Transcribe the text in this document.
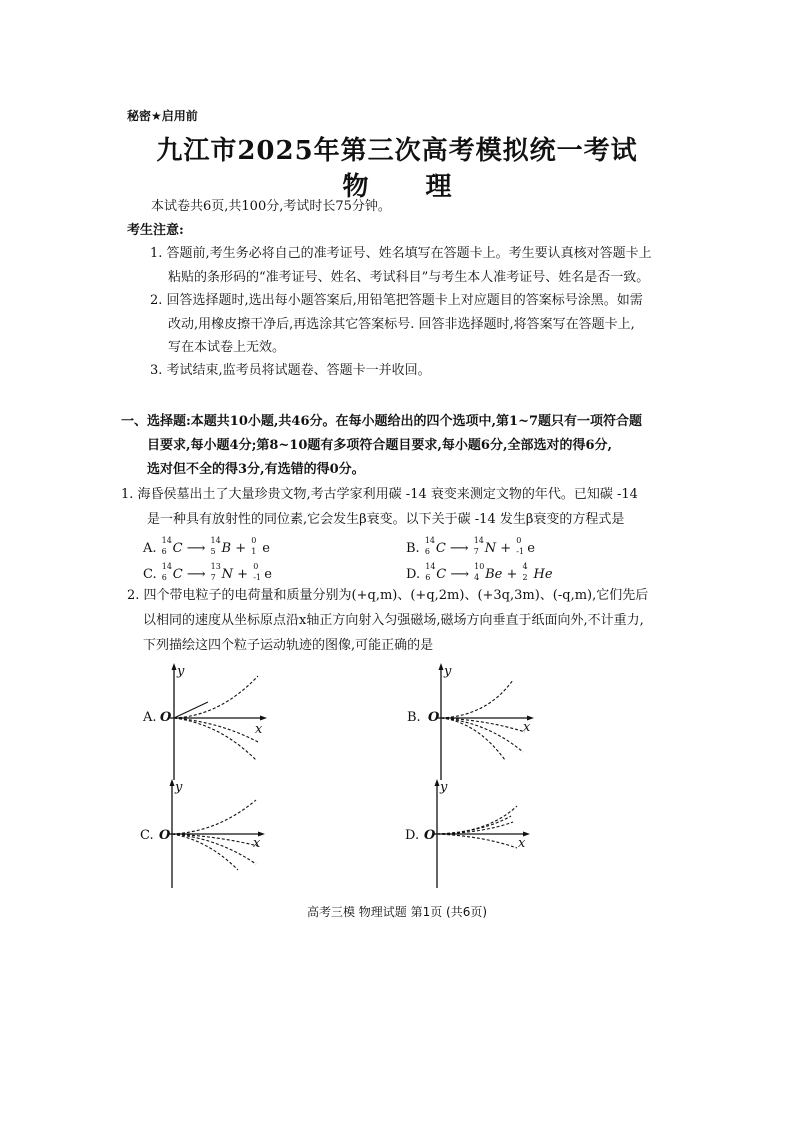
秘密★启用前
九江市2025年第三次高考模拟统一考试
物 理
本试卷共6页,共100分,考试时长75分钟。
考生注意:
1. 答题前,考生务必将自己的准考证号、姓名填写在答题卡上。考生要认真核对答题卡上
粘贴的条形码的“准考证号、姓名、考试科目”与考生本人准考证号、姓名是否一致。
2. 回答选择题时,选出每小题答案后,用铅笔把答题卡上对应题目的答案标号涂黑。如需
改动,用橡皮擦干净后,再选涂其它答案标号. 回答非选择题时,将答案写在答题卡上,
写在本试卷上无效。
3. 考试结束,监考员将试题卷、答题卡一并收回。
一、选择题:本题共10小题,共46分。在每小题给出的四个选项中,第1~7题只有一项符合题
目要求,每小题4分;第8~10题有多项符合题目要求,每小题6分,全部选对的得6分,
选对但不全的得3分,有选错的得0分。
1. 海昏侯墓出土了大量珍贵文物,考古学家利用碳 -14 衰变来测定文物的年代。已知碳 -14
是一种具有放射性的同位素,它会发生β衰变。以下关于碳 -14 发生β衰变的方程式是
A.
14
6 C ⟶
14
5 B +
0
1 e	B.
14
6 C ⟶
14
7 N +
0
-1 e
C.
14
6 C ⟶
13
7 N +
0
-1 e	D.
14
6 C ⟶
10
4 Be +
4
2 He
2. 四个带电粒子的电荷量和质量分别为(+q,m)、(+q,2m)、(+3q,3m)、(-q,m),它们先后
以相同的速度从坐标原点沿x轴正方向射入匀强磁场,磁场方向垂直于纸面向外,不计重力,
下列描绘这四个粒子运动轨迹的图像,可能正确的是
A. O
y
x
B. O
y
x
C. O
y
x
D. O
y
x
高考三模 物理试题 第1页 (共6页)
